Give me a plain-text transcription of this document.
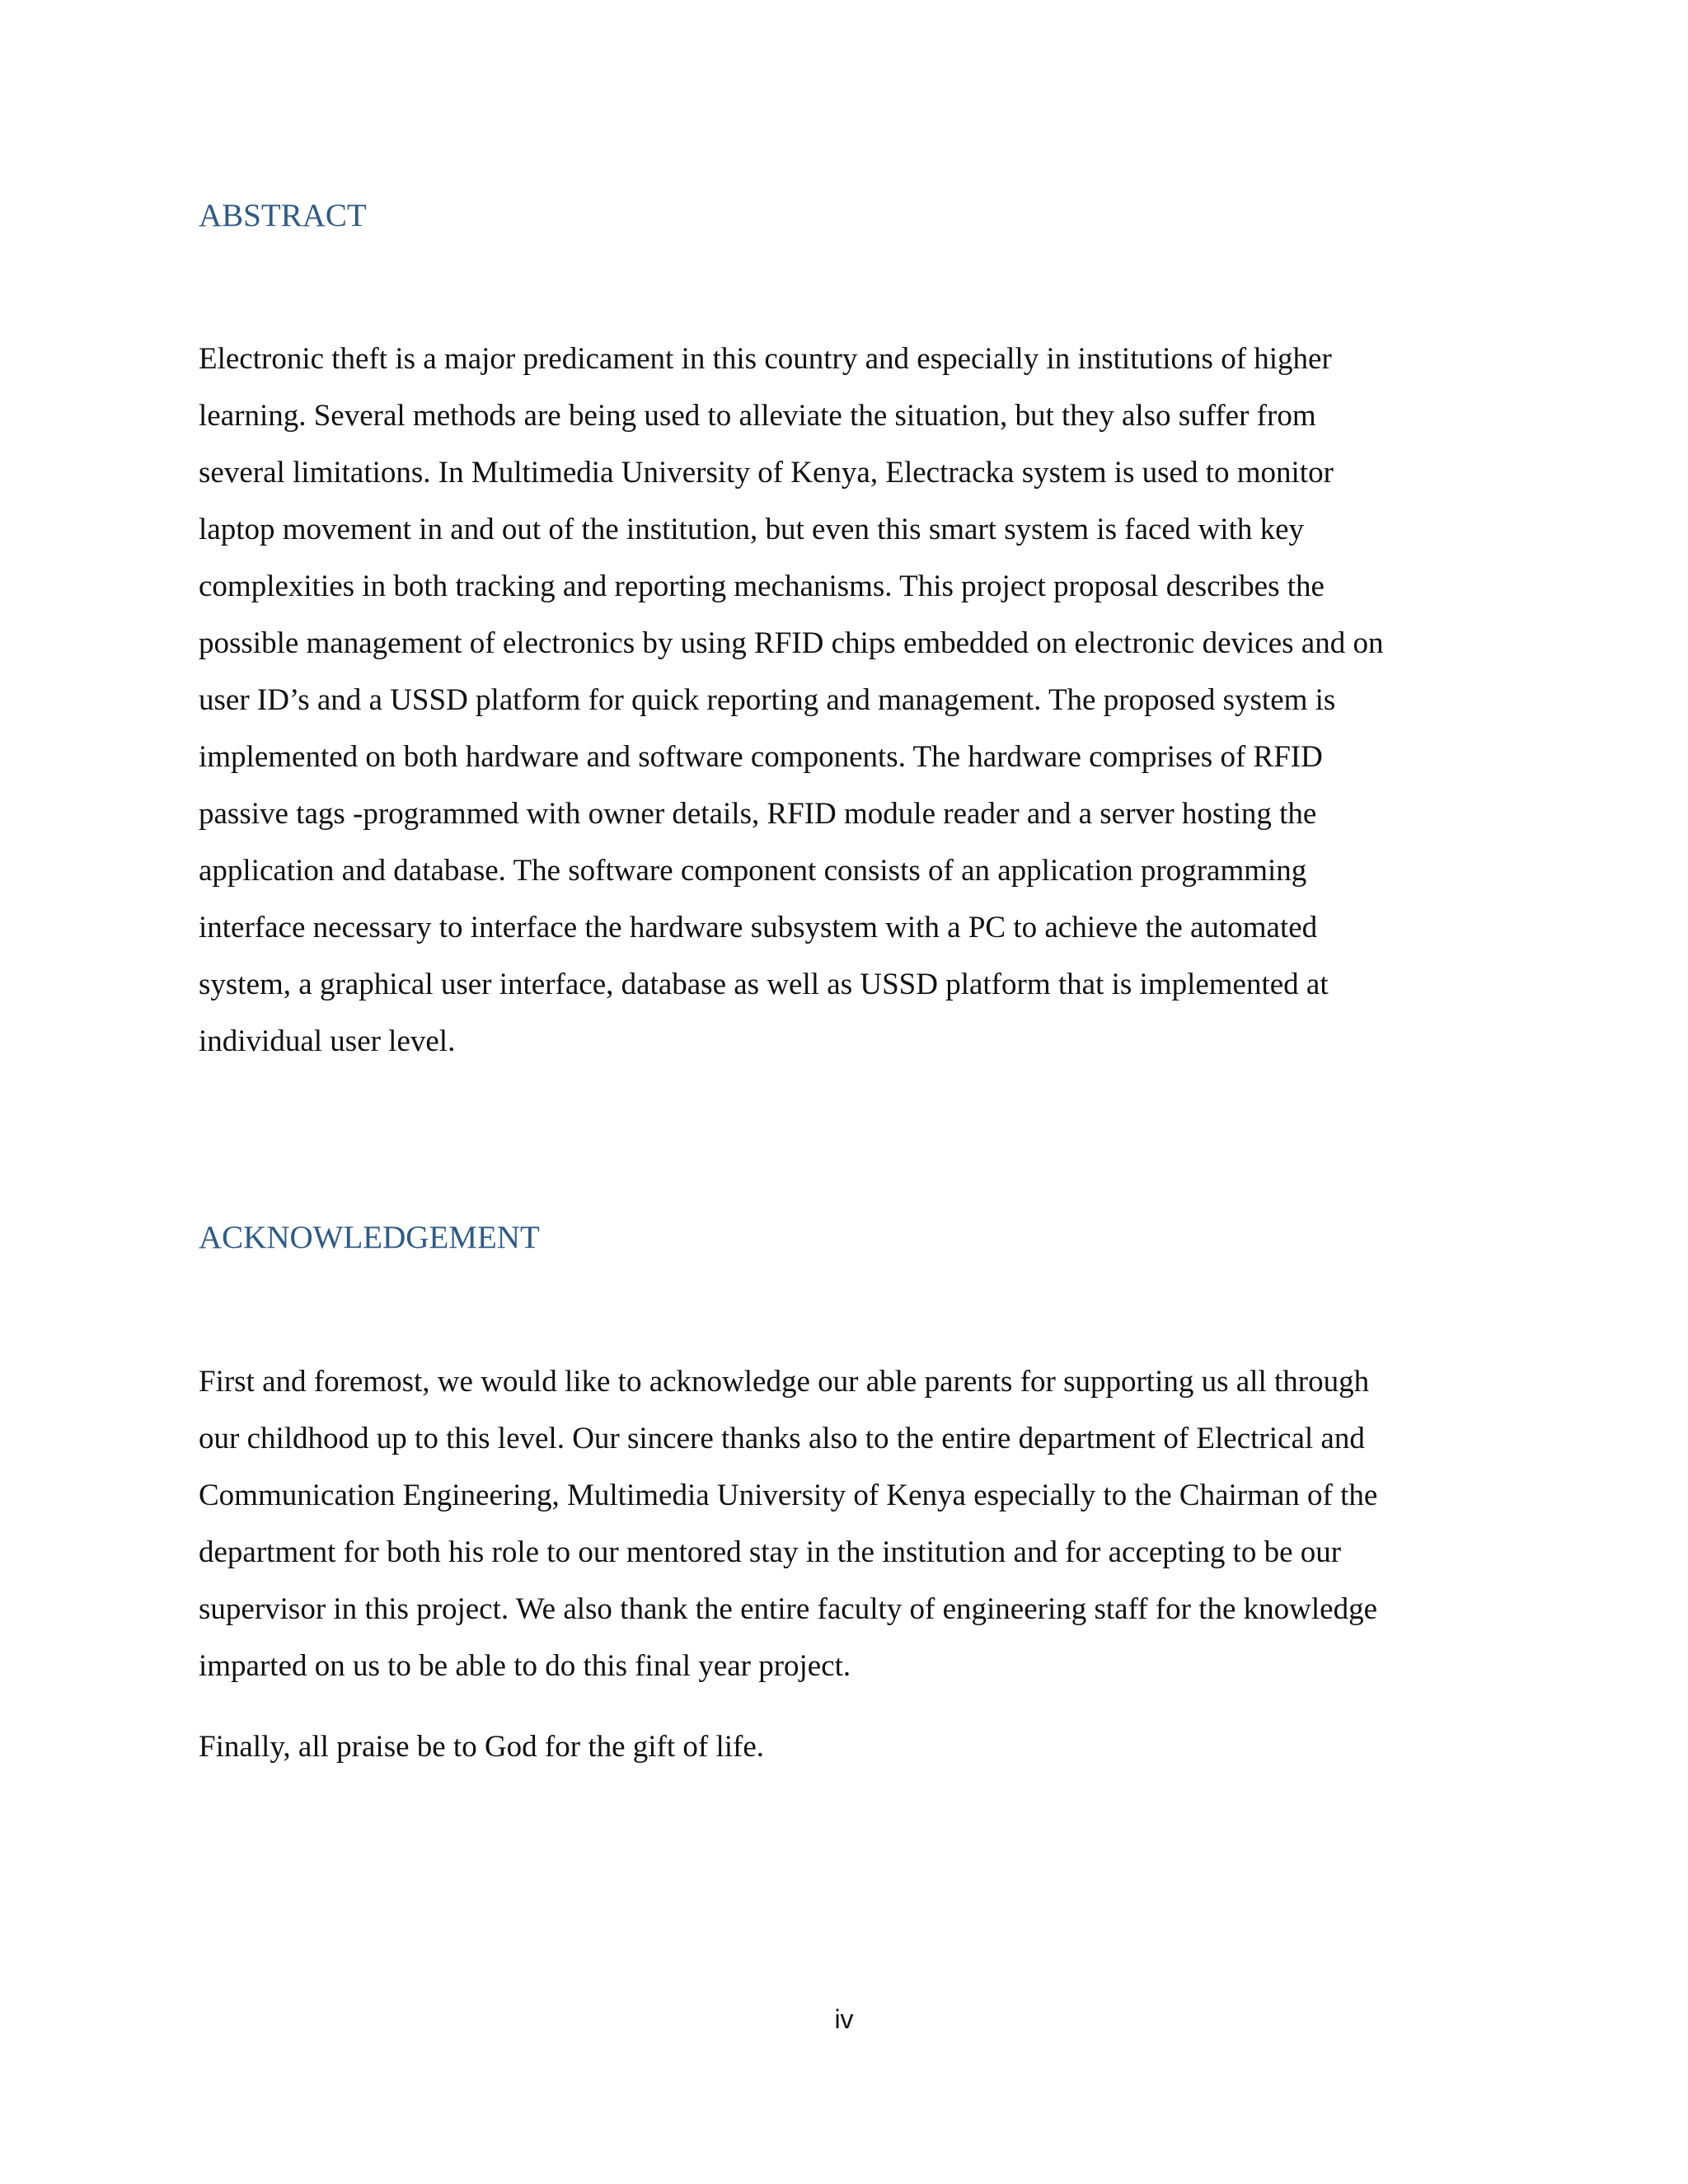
ABSTRACT

Electronic theft is a major predicament in this country and especially in institutions of higher
learning. Several methods are being used to alleviate the situation, but they also suffer from
several limitations. In Multimedia University of Kenya, Electracka system is used to monitor
laptop movement in and out of the institution, but even this smart system is faced with key
complexities in both tracking and reporting mechanisms. This project proposal describes the
possible management of electronics by using RFID chips embedded on electronic devices and on
user ID’s and a USSD platform for quick reporting and management. The proposed system is
implemented on both hardware and software components. The hardware comprises of RFID
passive tags -programmed with owner details, RFID module reader and a server hosting the
application and database. The software component consists of an application programming
interface necessary to interface the hardware subsystem with a PC to achieve the automated
system, a graphical user interface, database as well as USSD platform that is implemented at
individual user level.

ACKNOWLEDGEMENT

First and foremost, we would like to acknowledge our able parents for supporting us all through
our childhood up to this level. Our sincere thanks also to the entire department of Electrical and
Communication Engineering, Multimedia University of Kenya especially to the Chairman of the
department for both his role to our mentored stay in the institution and for accepting to be our
supervisor in this project. We also thank the entire faculty of engineering staff for the knowledge
imparted on us to be able to do this final year project.

Finally, all praise be to God for the gift of life.

iv
